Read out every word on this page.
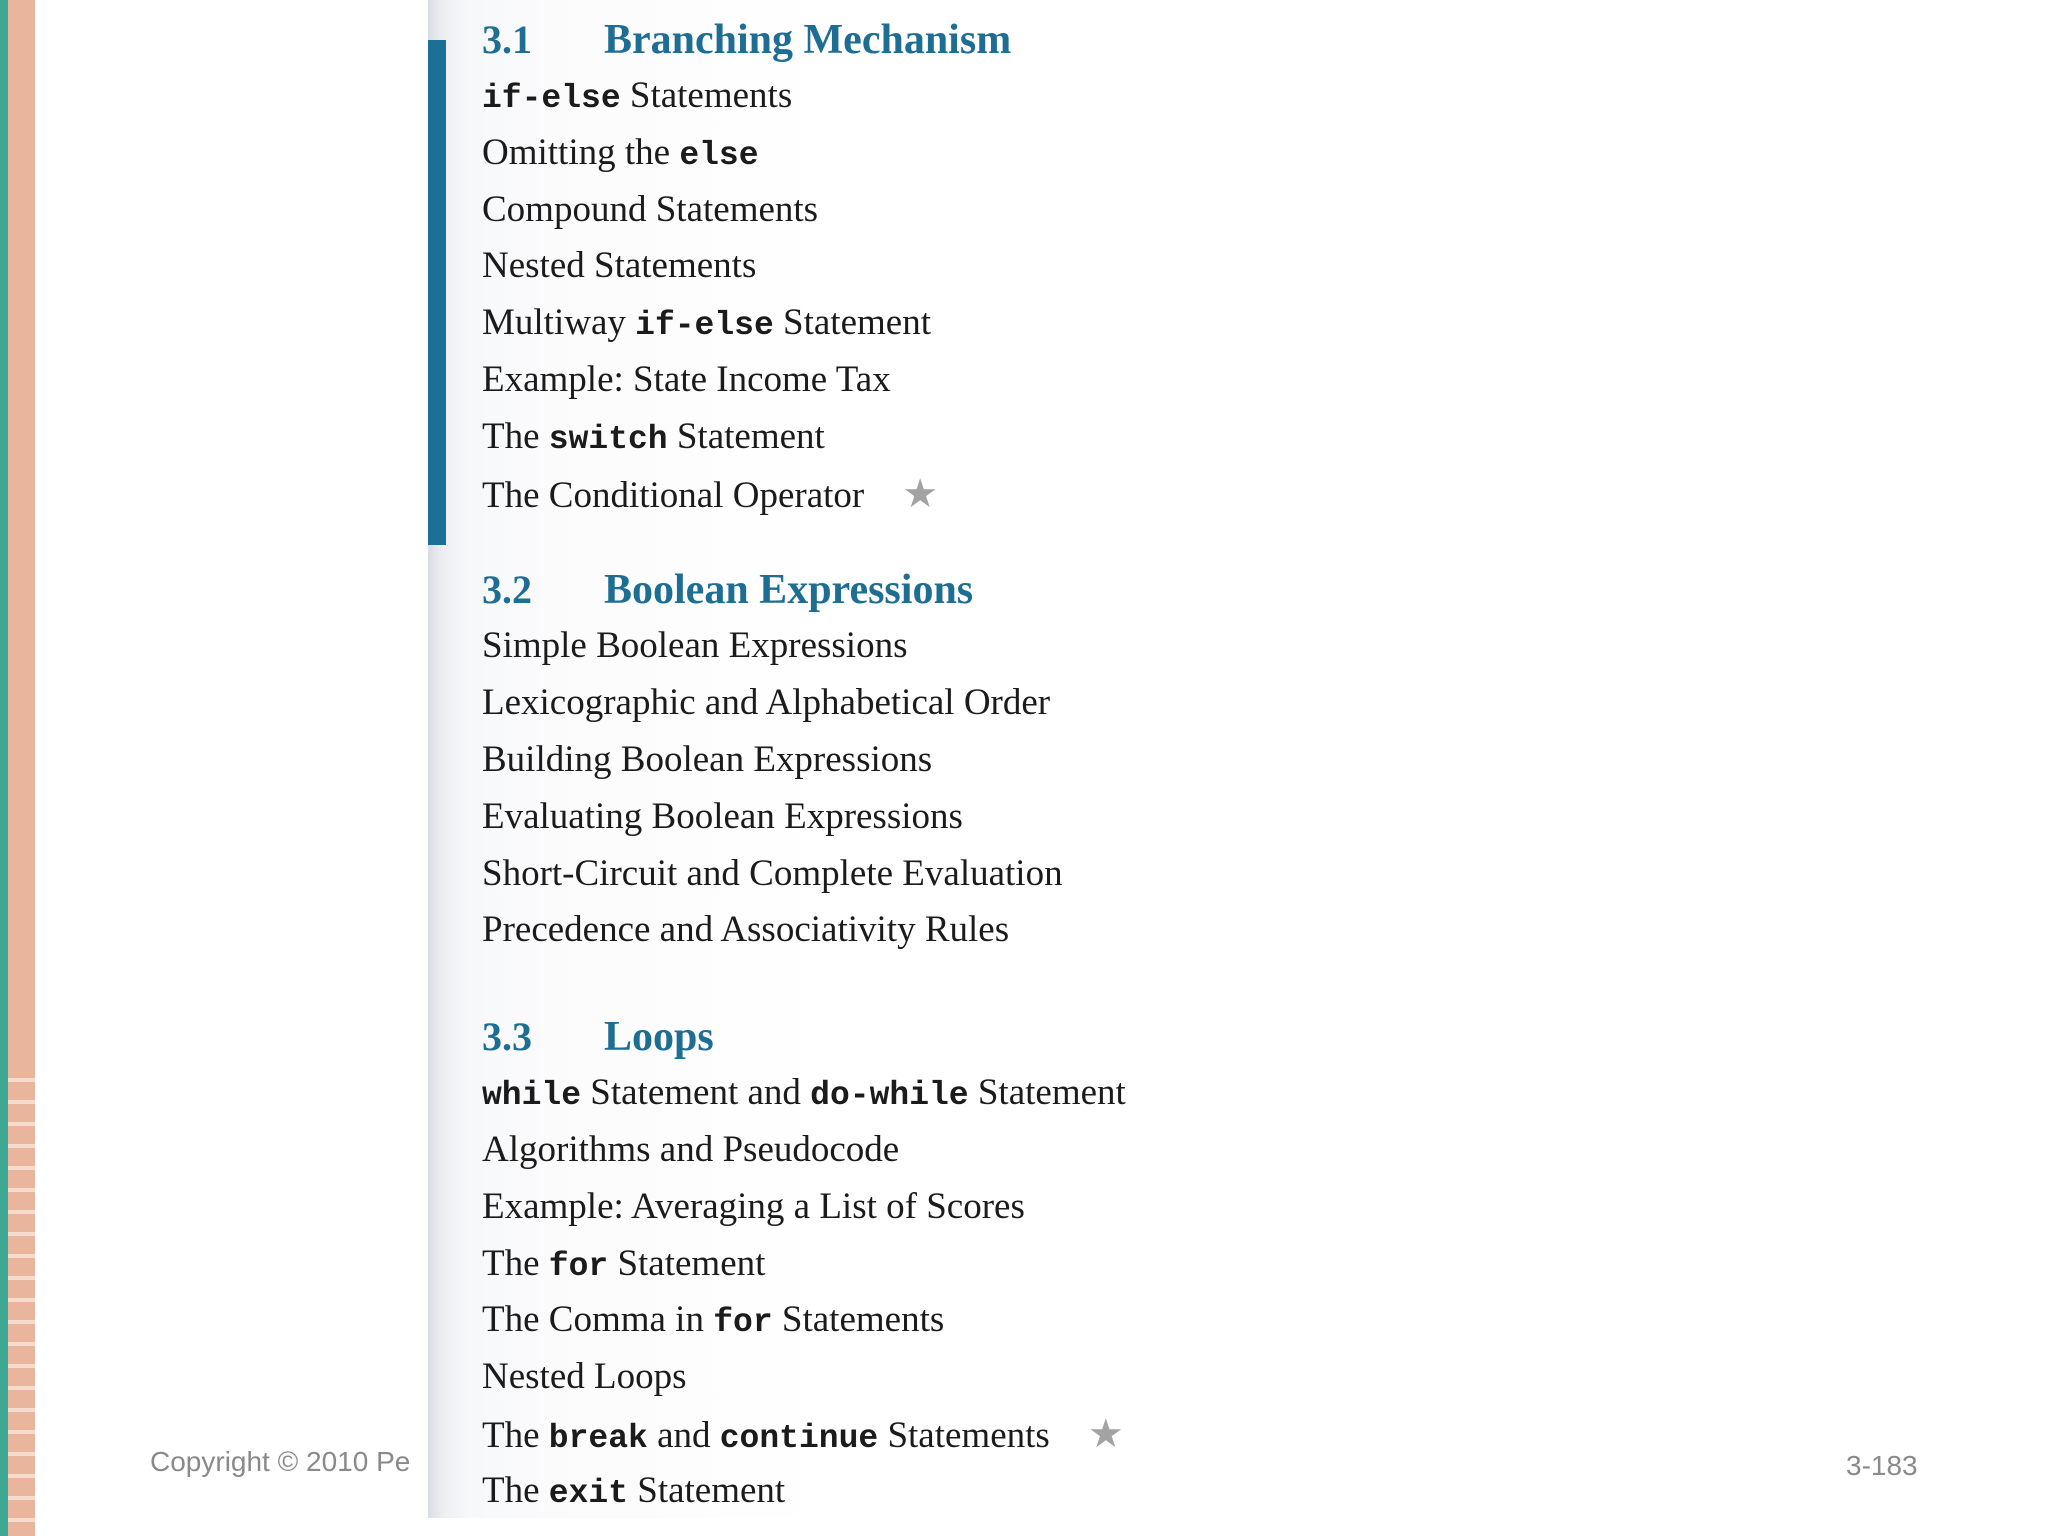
Copyright © 2010 Pe	3-183
3.1	Branching Mechanism
if-else Statements
Omitting the else
Compound Statements
Nested Statements
Multiway if-else Statement
Example: State Income Tax
The switch Statement
The Conditional Operator ★
3.2	Boolean Expressions
Simple Boolean Expressions
Lexicographic and Alphabetical Order
Building Boolean Expressions
Evaluating Boolean Expressions
Short-Circuit and Complete Evaluation
Precedence and Associativity Rules
3.3	Loops
while Statement and do-while Statement
Algorithms and Pseudocode
Example: Averaging a List of Scores
The for Statement
The Comma in for Statements
Nested Loops
The break and continue Statements ★
The exit Statement
